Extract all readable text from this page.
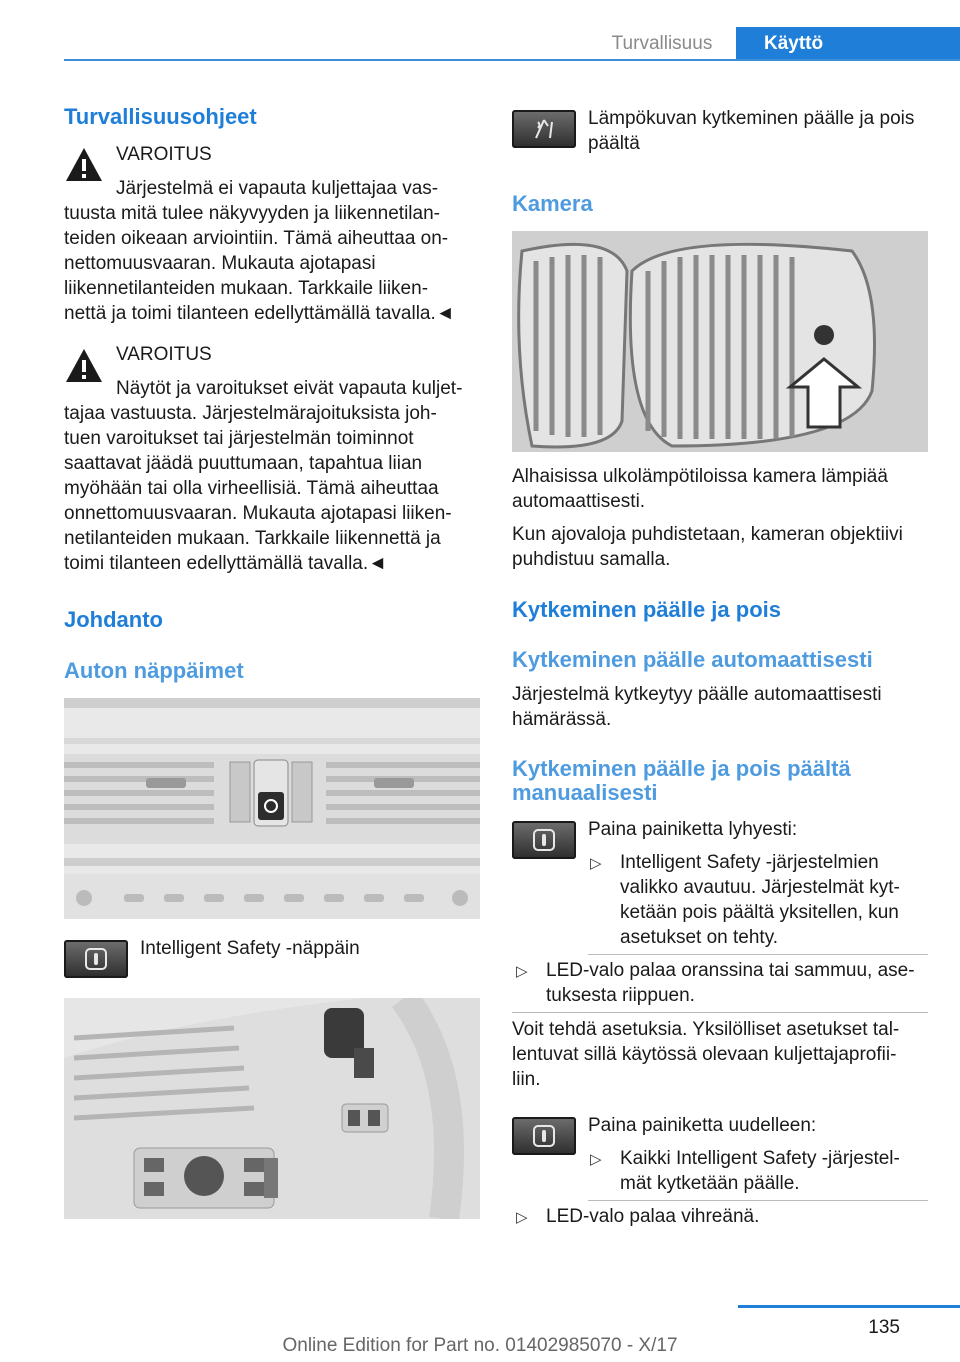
Turvallisuus	Käyttö
Turvallisuusohjeet
VAROITUS
Järjestelmä ei vapauta kuljettajaa vas‐
tuusta mitä tulee näkyvyyden ja liikennetilan‐
teiden oikeaan arviointiin. Tämä aiheuttaa on‐
nettomuusvaaran. Mukauta ajotapasi
liikennetilanteiden mukaan. Tarkkaile liiken‐
nettä ja toimi tilanteen edellyttämällä tavalla.◄
VAROITUS
Näytöt ja varoitukset eivät vapauta kuljet‐
tajaa vastuusta. Järjestelmärajoituksista joh‐
tuen varoitukset tai järjestelmän toiminnot
saattavat jäädä puuttumaan, tapahtua liian
myöhään tai olla virheellisiä. Tämä aiheuttaa
onnettomuusvaaran. Mukauta ajotapasi liiken‐
netilanteiden mukaan. Tarkkaile liikennettä ja
toimi tilanteen edellyttämällä tavalla.◄
Johdanto
Auton näppäimet
Intelligent Safety ‐näppäin
Lämpökuvan kytkeminen päälle ja pois
päältä
Kamera
Alhaisissa ulkolämpötiloissa kamera lämpiää
automaattisesti.
Kun ajovaloja puhdistetaan, kameran objektiivi
puhdistuu samalla.
Kytkeminen päälle ja pois
Kytkeminen päälle automaattisesti
Järjestelmä kytkeytyy päälle automaattisesti
hämärässä.
Kytkeminen päälle ja pois päältä
manuaalisesti
Paina painiketta lyhyesti:
▷ Intelligent Safety ‐järjestelmien
valikko avautuu. Järjestelmät kyt‐
ketään pois päältä yksitellen, kun
asetukset on tehty.
▷ LED‐valo palaa oranssina tai sammuu, ase‐
tuksesta riippuen.
Voit tehdä asetuksia. Yksilölliset asetukset tal‐
lentuvat sillä käytössä olevaan kuljettajaprofii‐
liin.
Paina painiketta uudelleen:
▷ Kaikki Intelligent Safety ‐järjestel‐
mät kytketään päälle.
▷ LED‐valo palaa vihreänä.
135
Online Edition for Part no. 01402985070 - X/17
